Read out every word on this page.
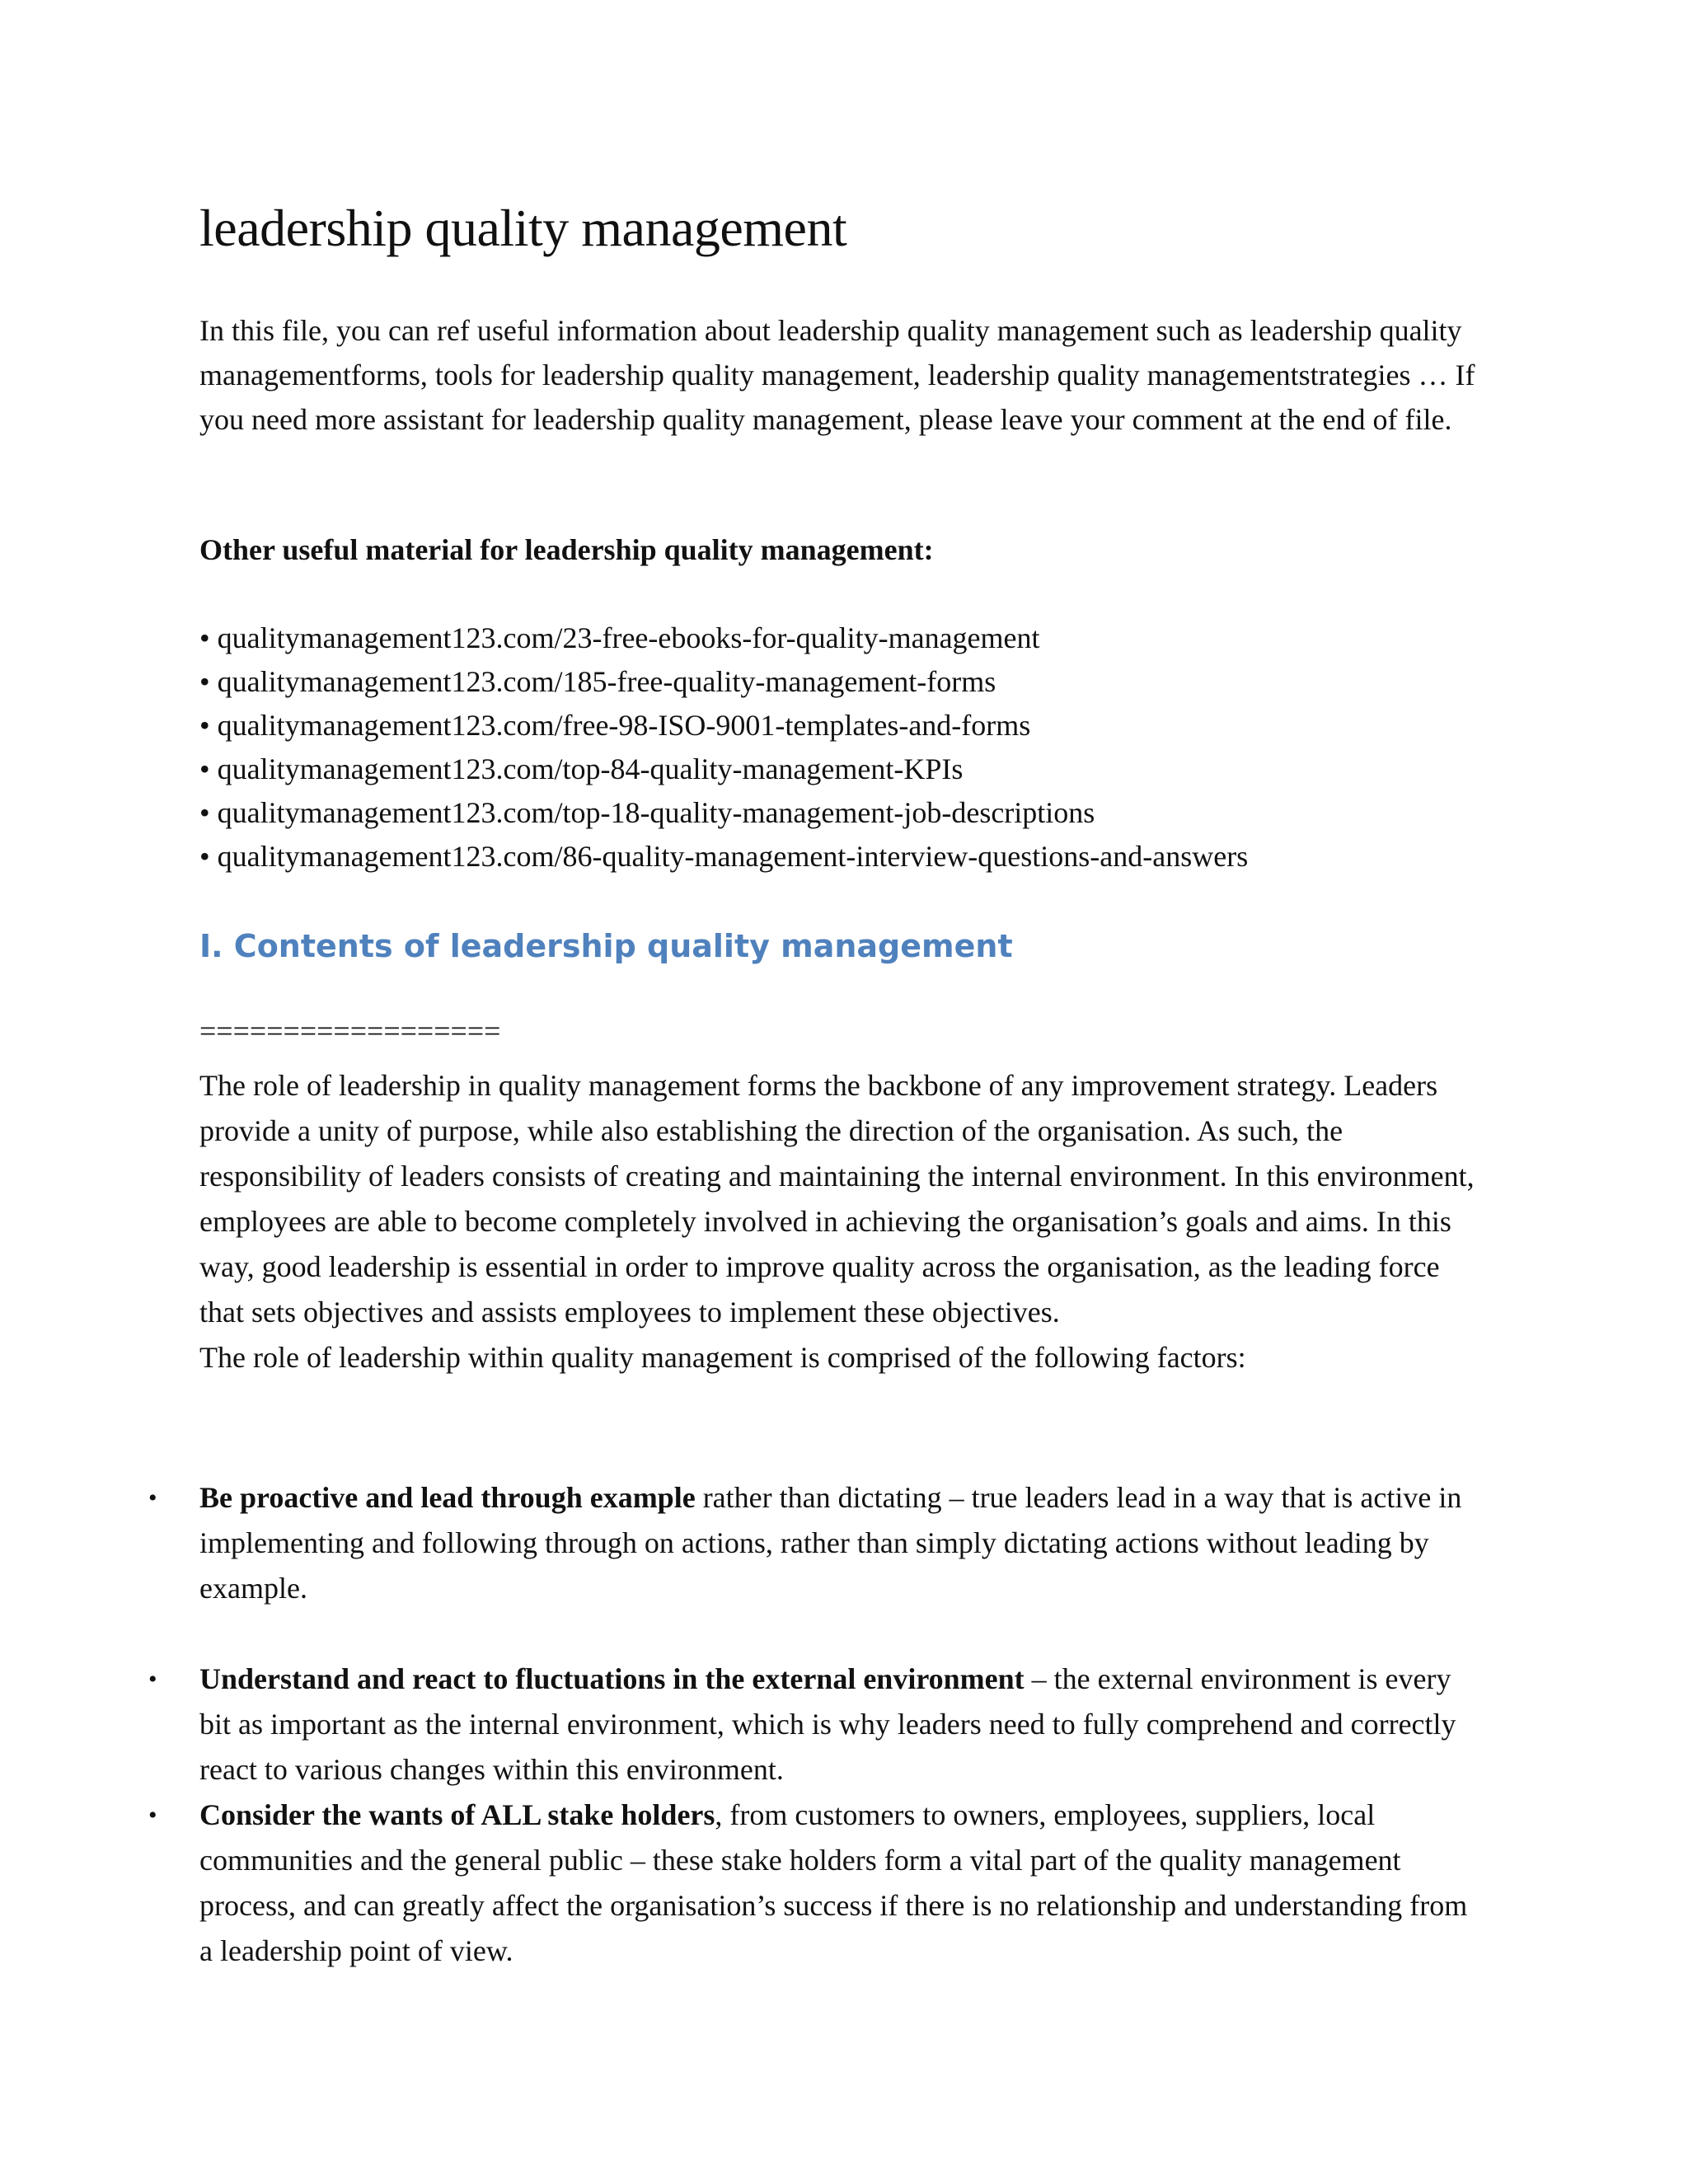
leadership quality management

In this file, you can ref useful information about leadership quality management such as leadership quality managementforms, tools for leadership quality management, leadership quality managementstrategies … If you need more assistant for leadership quality management, please leave your comment at the end of file.

Other useful material for leadership quality management:

• qualitymanagement123.com/23-free-ebooks-for-quality-management
• qualitymanagement123.com/185-free-quality-management-forms
• qualitymanagement123.com/free-98-ISO-9001-templates-and-forms
• qualitymanagement123.com/top-84-quality-management-KPIs
• qualitymanagement123.com/top-18-quality-management-job-descriptions
• qualitymanagement123.com/86-quality-management-interview-questions-and-answers
I. Contents of leadership quality management

==================

The role of leadership in quality management forms the backbone of any improvement strategy. Leaders provide a unity of purpose, while also establishing the direction of the organisation. As such, the responsibility of leaders consists of creating and maintaining the internal environment. In this environment, employees are able to become completely involved in achieving the organisation’s goals and aims. In this way, good leadership is essential in order to improve quality across the organisation, as the leading force that sets objectives and assists employees to implement these objectives.
The role of leadership within quality management is comprised of the following factors:
• Be proactive and lead through example rather than dictating – true leaders lead in a way that is active in implementing and following through on actions, rather than simply dictating actions without leading by example.
• Understand and react to fluctuations in the external environment – the external environment is every bit as important as the internal environment, which is why leaders need to fully comprehend and correctly react to various changes within this environment.
• Consider the wants of ALL stake holders, from customers to owners, employees, suppliers, local communities and the general public – these stake holders form a vital part of the quality management process, and can greatly affect the organisation’s success if there is no relationship and understanding from a leadership point of view.
